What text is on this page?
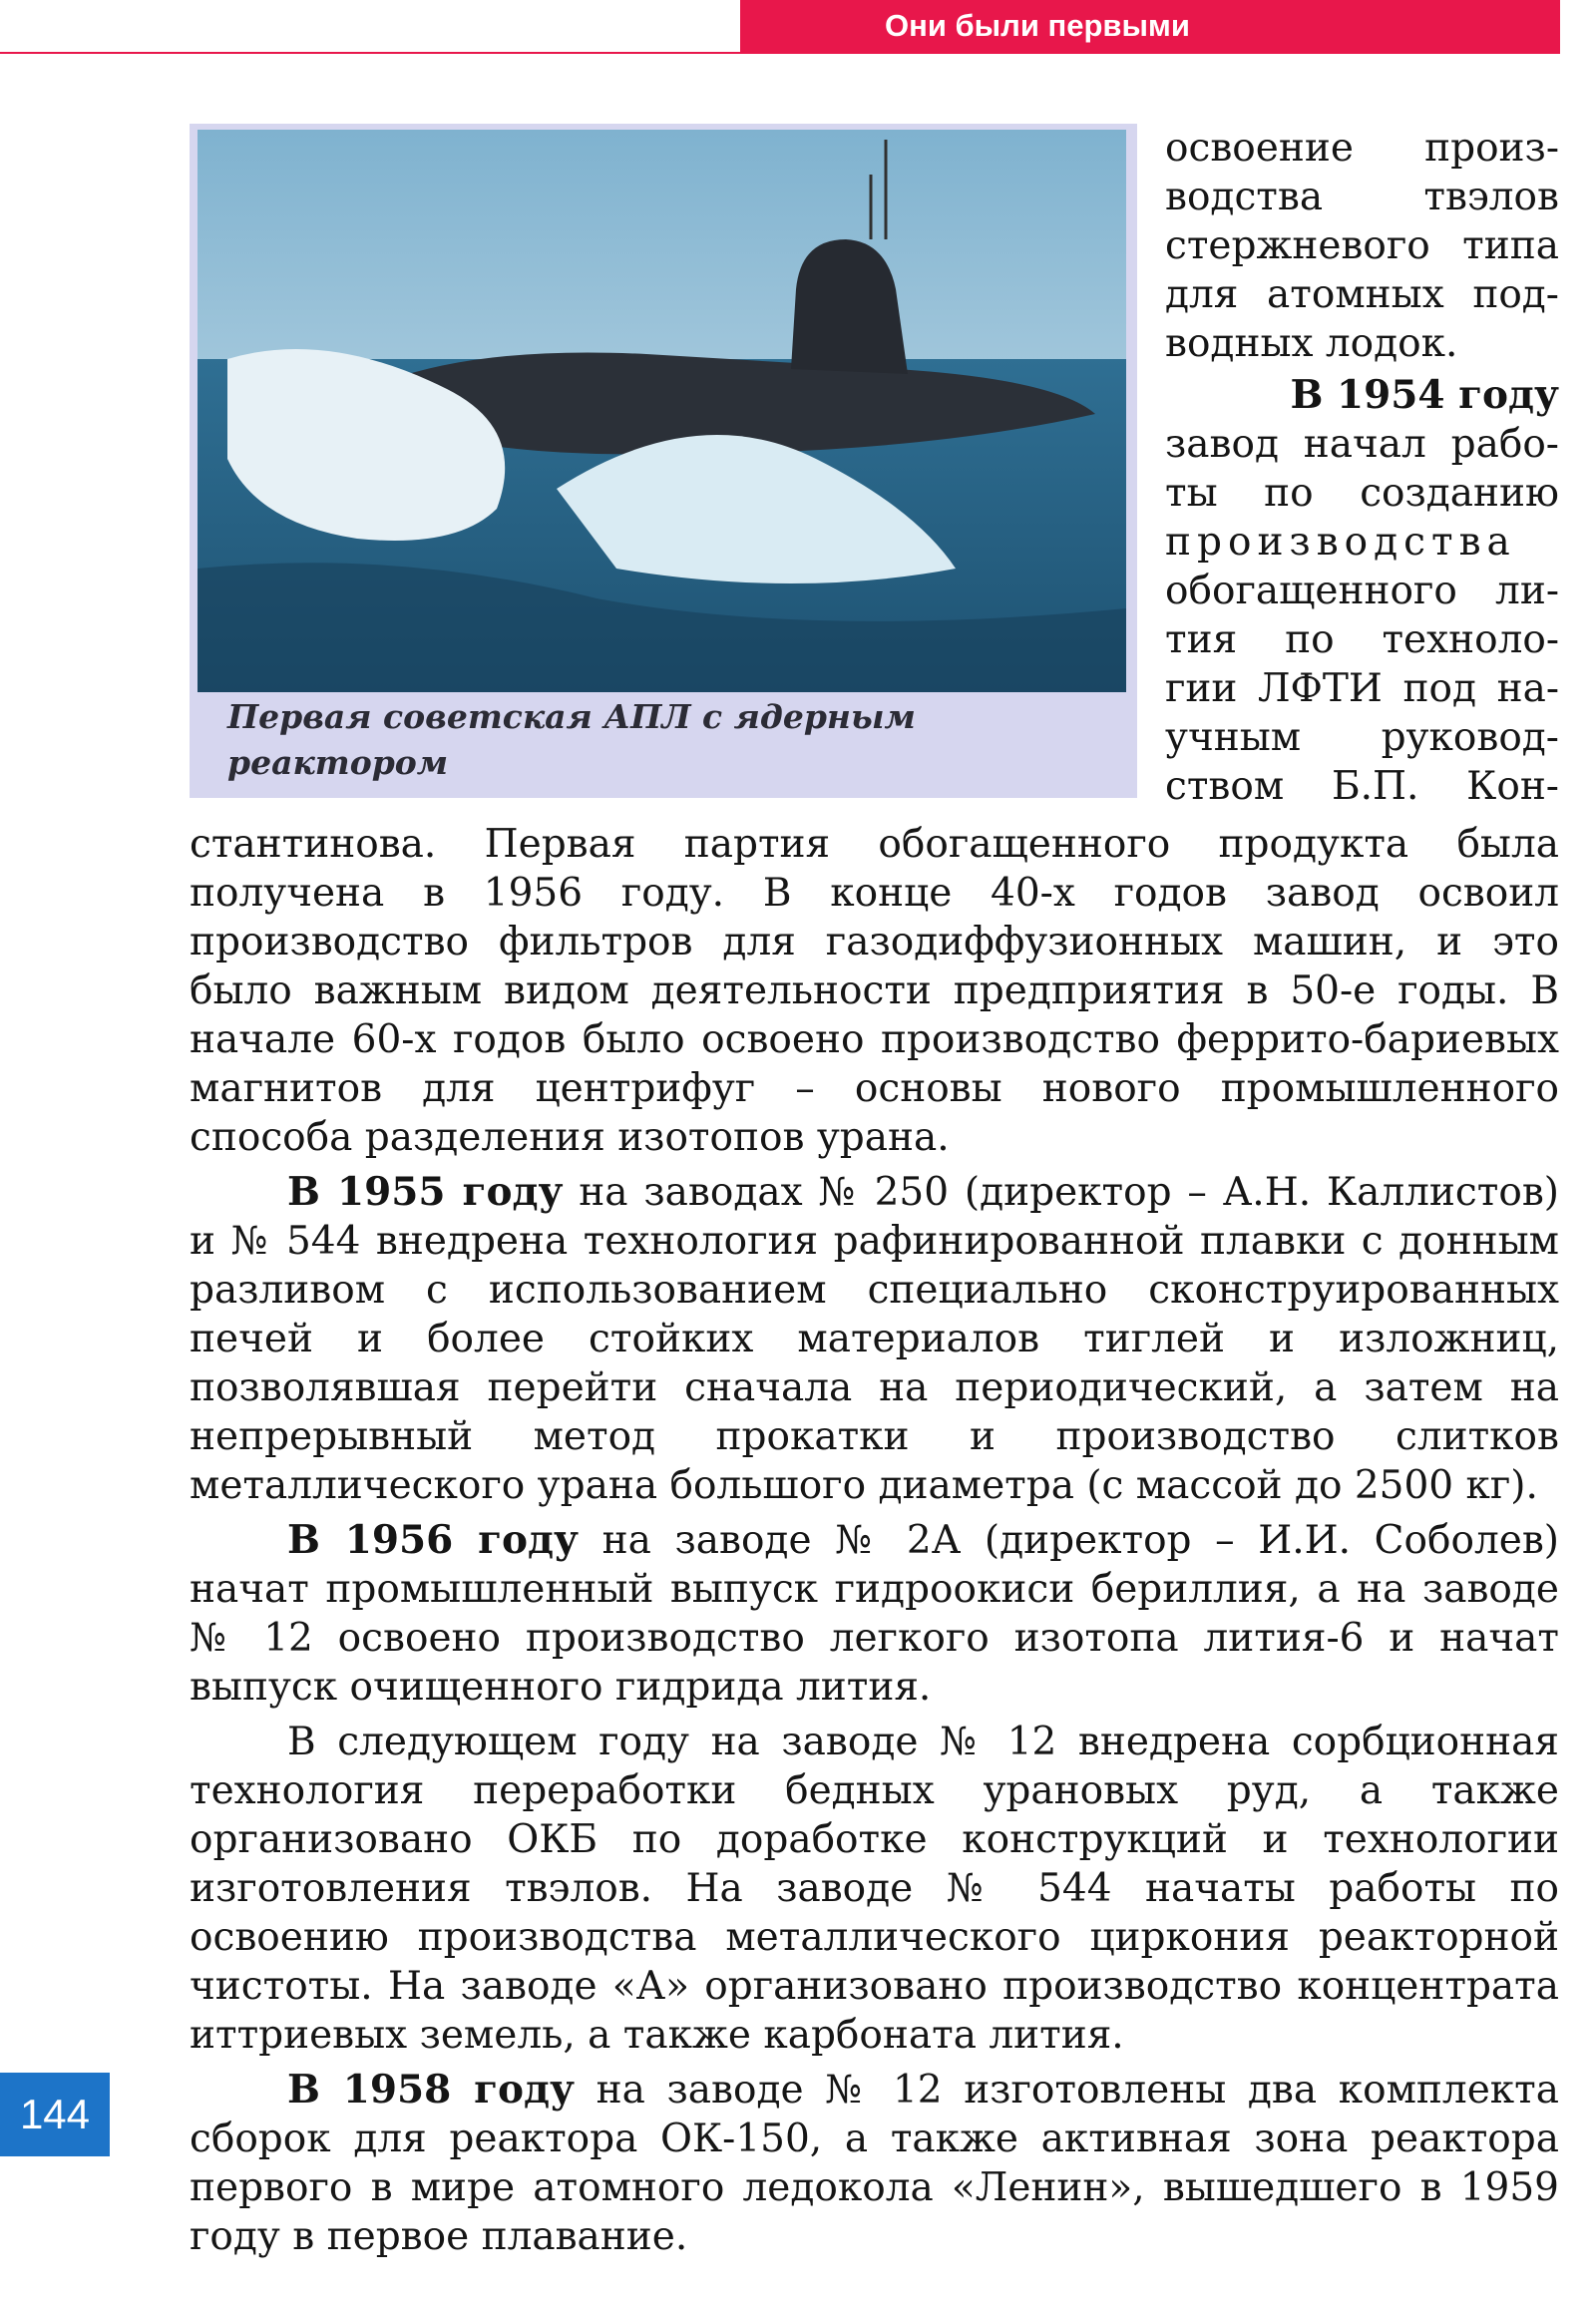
Они были первыми
Первая советская АПЛ с ядерным реактором
освоение произ-
водства твэлов
стержневого типа
для атомных под-
водных лодок.
В 1954 году
завод начал рабо-
ты по созданию
производства
обогащенного ли-
тия по техноло-
гии ЛФТИ под на-
учным руковод-
ством Б.П. Кон-

стантинова. Первая партия обогащенного продукта была получена в 1956 году. В конце 40-х годов завод освоил производство фильтров для газодиффузионных машин, и это было важным видом деятельности предприятия в 50-е годы. В начале 60-х годов было освоено производство феррито-бариевых магнитов для центрифуг – основы нового промышленного способа разделения изотопов урана.

В 1955 году на заводах № 250 (директор – А.Н. Каллистов) и № 544 внедрена технология рафинированной плавки с донным разливом с использованием специально сконструированных печей и более стойких материалов тиглей и изложниц, позволявшая перейти сначала на периодический, а затем на непрерывный метод прокатки и производство слитков металлического урана большого диаметра (с массой до 2500 кг).

В 1956 году на заводе № 2А (директор – И.И. Соболев) начат промышленный выпуск гидроокиси бериллия, а на заводе № 12 освоено производство легкого изотопа лития-6 и начат выпуск очищенного гидрида лития.

В следующем году на заводе № 12 внедрена сорбционная технология переработки бедных урановых руд, а также организовано ОКБ по доработке конструкций и технологии изготовления твэлов. На заводе № 544 начаты работы по освоению производства металлического циркония реакторной чистоты. На заводе «А» организовано производство концентрата иттриевых земель, а также карбоната лития.

В 1958 году на заводе № 12 изготовлены два комплекта сборок для реактора ОК-150, а также активная зона реактора первого в мире атомного ледокола «Ленин», вышедшего в 1959 году в первое плавание.

144
